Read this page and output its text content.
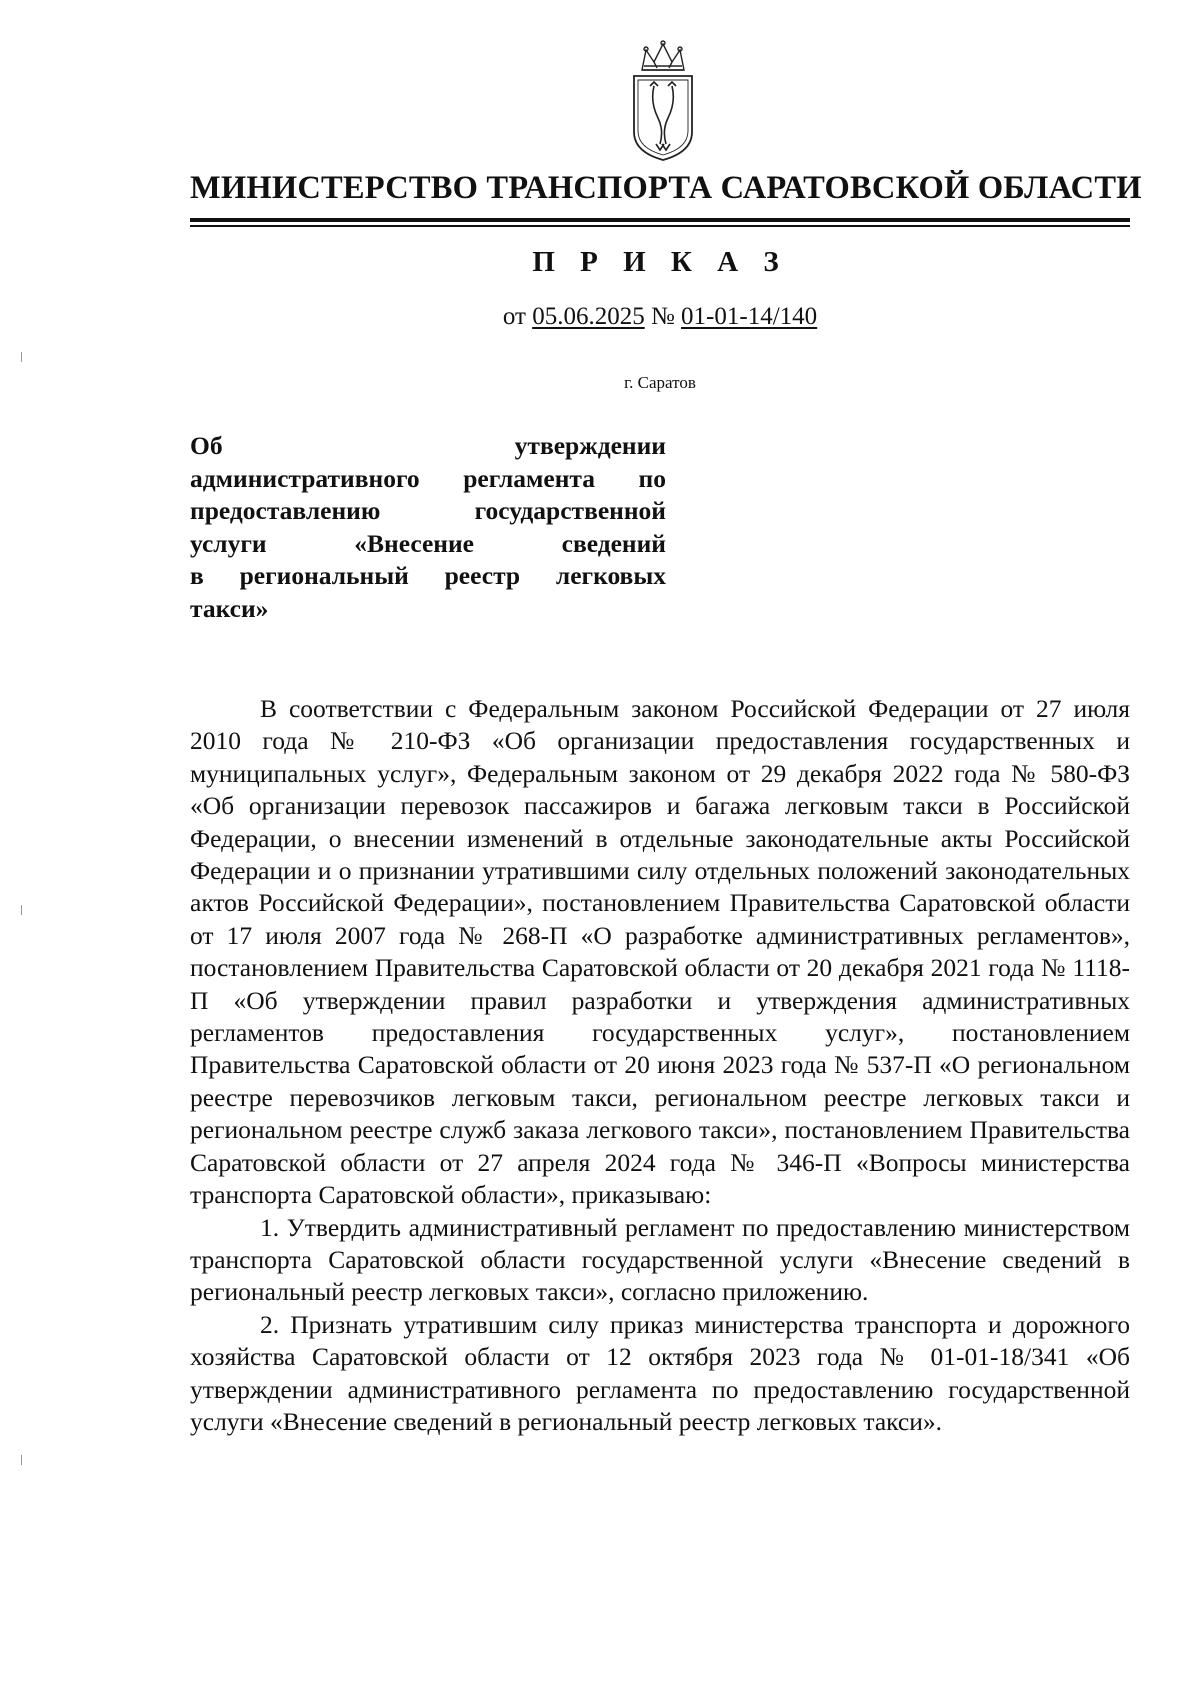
МИНИСТЕРСТВО ТРАНСПОРТА САРАТОВСКОЙ ОБЛАСТИ
П Р И К А З
от 05.06.2025 № 01-01-14/140
г. Саратов
Об утверждении
административного регламента по
предоставлению государственной
услуги «Внесение сведений
в региональный реестр легковых
такси»

В соответствии с Федеральным законом Российской Федерации от 27 июля 2010 года № 210-ФЗ «Об организации предоставления государственных и муниципальных услуг», Федеральным законом от 29 декабря 2022 года № 580-ФЗ «Об организации перевозок пассажиров и багажа легковым такси в Российской Федерации, о внесении изменений в отдельные законодательные акты Российской Федерации и о признании утратившими силу отдельных положений законодательных актов Российской Федерации», постановлением Правительства Саратовской области от 17 июля 2007 года № 268-П «О разработке административных регламентов», постановлением Правительства Саратовской области от 20 декабря 2021 года № 1118-П «Об утверждении правил разработки и утверждения административных регламентов предоставления государственных услуг», постановлением Правительства Саратовской области от 20 июня 2023 года № 537-П «О региональном реестре перевозчиков легковым такси, региональном реестре легковых такси и региональном реестре служб заказа легкового такси», постановлением Правительства Саратовской области от 27 апреля 2024 года № 346-П «Вопросы министерства транспорта Саратовской области», приказываю:

1. Утвердить административный регламент по предоставлению министерством транспорта Саратовской области государственной услуги «Внесение сведений в региональный реестр легковых такси», согласно приложению.

2. Признать утратившим силу приказ министерства транспорта и дорожного хозяйства Саратовской области от 12 октября 2023 года № 01-01-18/341 «Об утверждении административного регламента по предоставлению государственной услуги «Внесение сведений в региональный реестр легковых такси».
